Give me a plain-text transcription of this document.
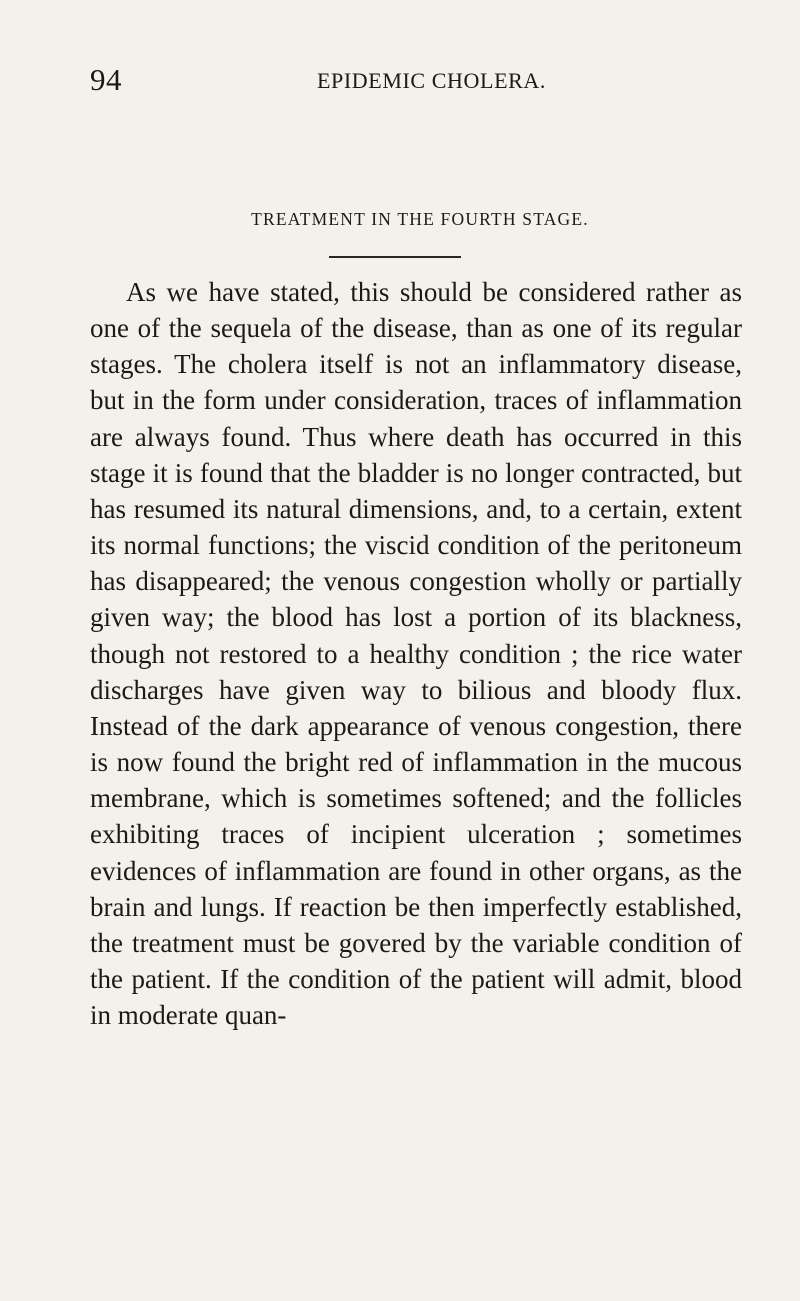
94	EPIDEMIC CHOLERA.
TREATMENT IN THE FOURTH STAGE.

As we have stated, this should be considered rather as one of the sequela of the disease, than as one of its regular stages. The cholera itself is not an inflammatory disease, but in the form under consideration, traces of inflammation are always found. Thus where death has occurred in this stage it is found that the bladder is no longer contracted, but has resumed its natural dimensions, and, to a certain, extent its normal functions; the viscid condition of the peritoneum has disappeared; the venous congestion wholly or partially given way; the blood has lost a portion of its blackness, though not restored to a healthy condition ; the rice water discharges have given way to bilious and bloody flux. Instead of the dark appearance of venous congestion, there is now found the bright red of inflammation in the mucous membrane, which is sometimes softened; and the follicles exhibiting traces of incipient ulceration ; sometimes evidences of inflammation are found in other organs, as the brain and lungs. If reaction be then imperfectly established, the treatment must be govered by the variable condition of the patient. If the condition of the patient will admit, blood in moderate quan-
